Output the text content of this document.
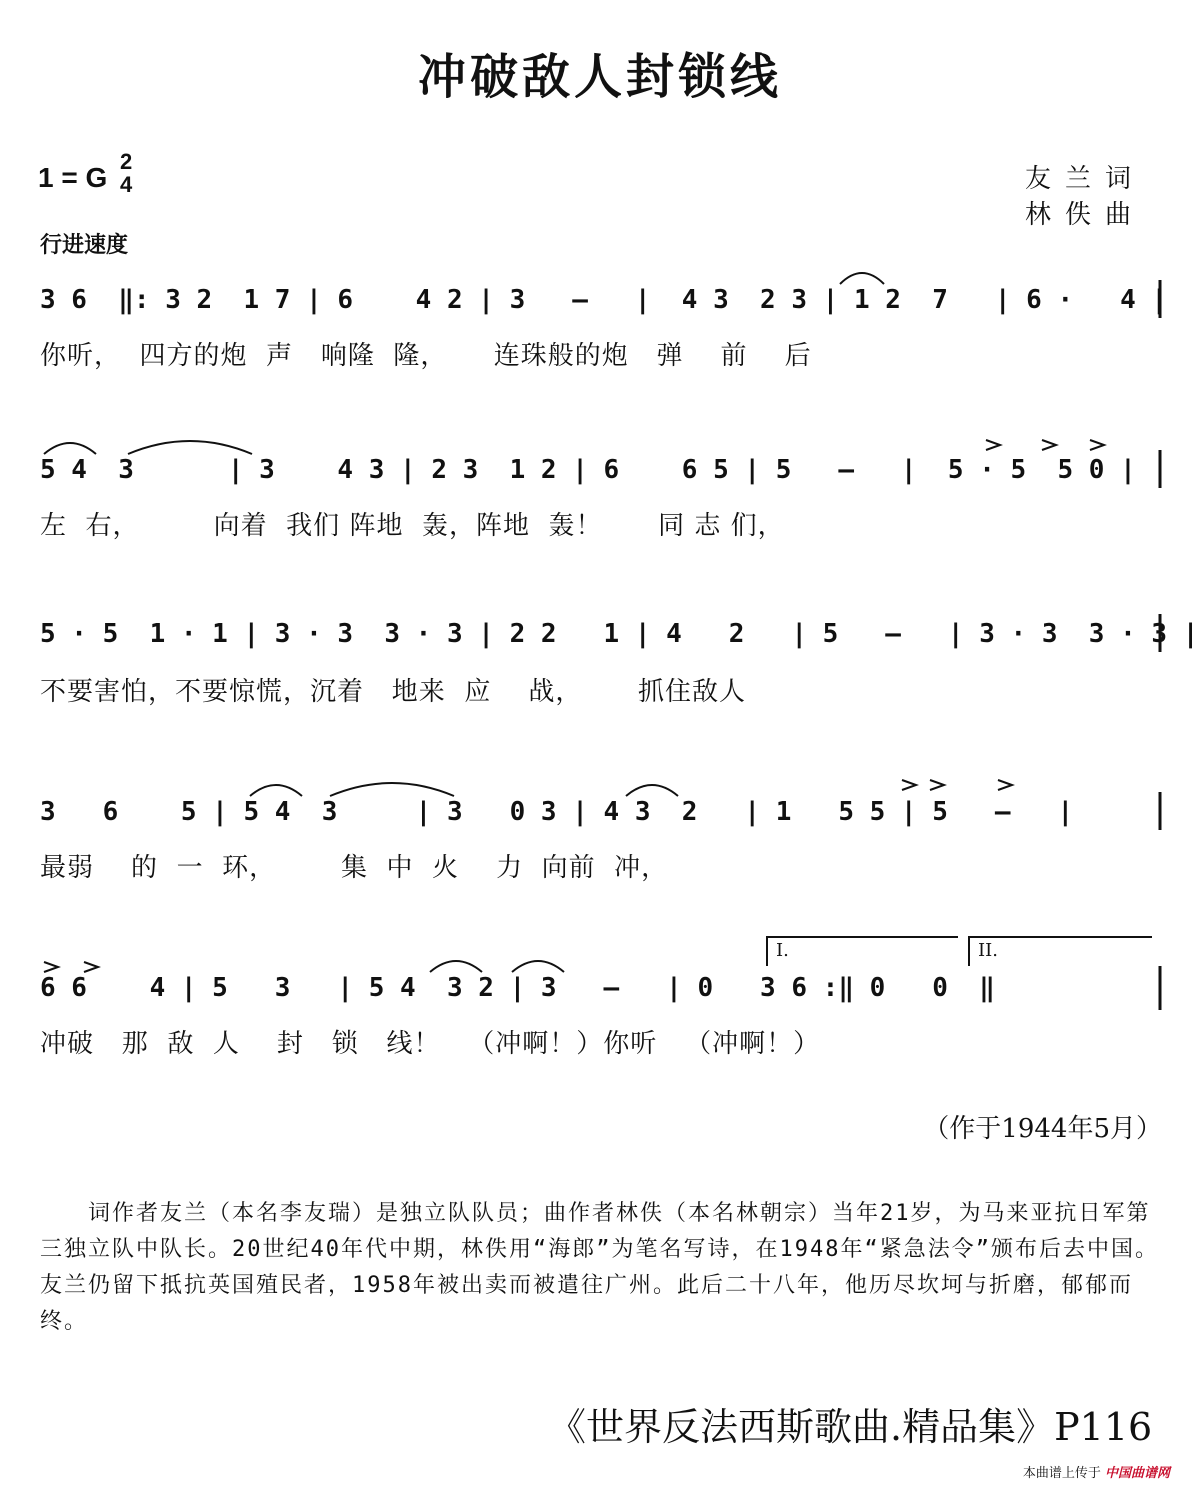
冲破敌人封锁线
1 = G
2
4
行进速度
友兰词
林佚曲
3 6  ‖: 3 2  1 7 | 6    4 2 | 3   –   |  4 3  2 3 | 1 2  7   | 6 ·   4 |
你听，  四方的炮  声   响隆  隆，     连珠般的炮   弹    前    后
5 4  3      | 3    4 3 | 2 3  1 2 | 6    6 5 | 5   –   |  5 · 5  5 0 |
左  右，        向着  我们 阵地  轰，阵地  轰！      同 志 们，
5 · 5  1 · 1 | 3 · 3  3 · 3 | 2 2   1 | 4   2   | 5   –   | 3 · 3  3 · 3 |
不要害怕，不要惊慌，沉着   地来  应    战，      抓住敌人
3   6    5 | 5 4  3     | 3   0 3 | 4 3  2   | 1   5 5 | 5   –   |
最弱    的  一  环，       集  中  火    力  向前  冲，
I.	II.
6 6    4 | 5   3   | 5 4  3 2 | 3   –   | 0   3 6 :‖ 0   0  ‖
冲破   那  敌  人    封   锁   线！   （冲啊！）你听   （冲啊！）
（作于1944年5月）
词作者友兰（本名李友瑞）是独立队队员；曲作者林佚（本名林朝宗）当年21岁，为马来亚抗日军第三独立队中队长。20世纪40年代中期，林佚用“海郎”为笔名写诗，在1948年“紧急法令”颁布后去中国。友兰仍留下抵抗英国殖民者，1958年被出卖而被遣往广州。此后二十八年，他历尽坎坷与折磨，郁郁而终。
《世界反法西斯歌曲.精品集》P116
本曲谱上传于 中国曲谱网
